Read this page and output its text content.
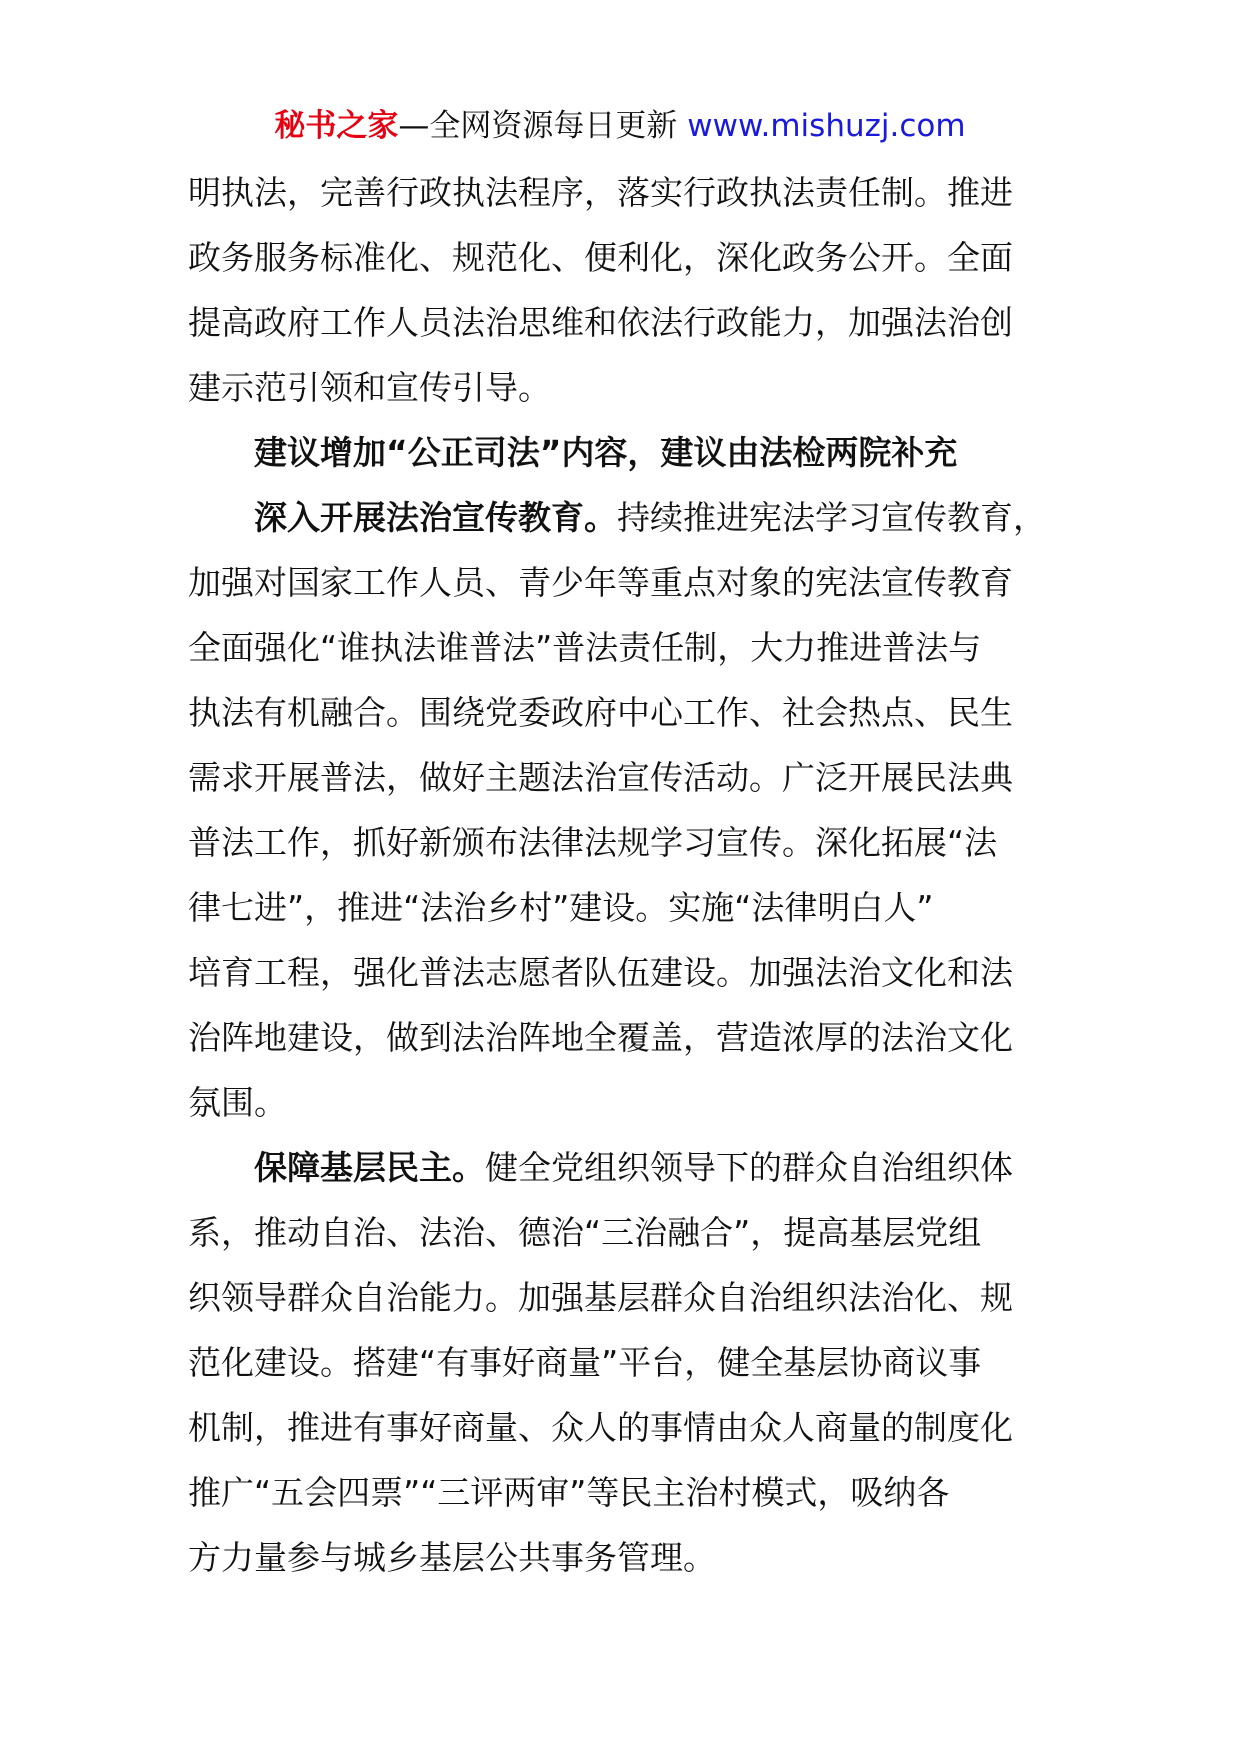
秘书之家—全网资源每日更新 www.mishuzj.com
明执法，完善行政执法程序，落实行政执法责任制。推进
政务服务标准化、规范化、便利化，深化政务公开。全面
提高政府工作人员法治思维和依法行政能力，加强法治创
建示范引领和宣传引导。
建议增加“公正司法”内容，建议由法检两院补充
深入开展法治宣传教育。持续推进宪法学习宣传教育，
加强对国家工作人员、青少年等重点对象的宪法宣传教育
全面强化“谁执法谁普法”普法责任制，大力推进普法与
执法有机融合。围绕党委政府中心工作、社会热点、民生
需求开展普法，做好主题法治宣传活动。广泛开展民法典
普法工作，抓好新颁布法律法规学习宣传。深化拓展“法
律七进”，推进“法治乡村”建设。实施“法律明白人”
培育工程，强化普法志愿者队伍建设。加强法治文化和法
治阵地建设，做到法治阵地全覆盖，营造浓厚的法治文化
氛围。
保障基层民主。健全党组织领导下的群众自治组织体
系，推动自治、法治、德治“三治融合”，提高基层党组
织领导群众自治能力。加强基层群众自治组织法治化、规
范化建设。搭建“有事好商量”平台，健全基层协商议事
机制，推进有事好商量、众人的事情由众人商量的制度化
推广“五会四票”“三评两审”等民主治村模式，吸纳各
方力量参与城乡基层公共事务管理。
